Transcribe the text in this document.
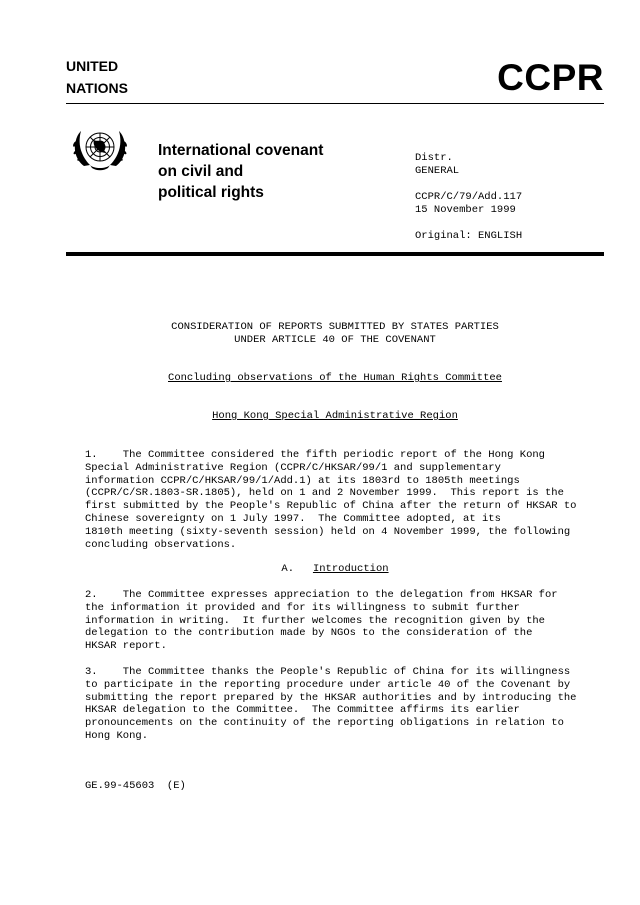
UNITED
NATIONS	CCPR
International covenant
on civil and
political rights
Distr.
GENERAL
CCPR/C/79/Add.117
15 November 1999
Original: ENGLISH
CONSIDERATION OF REPORTS SUBMITTED BY STATES PARTIES
UNDER ARTICLE 40 OF THE COVENANT
Concluding observations of the Human Rights Committee
Hong Kong Special Administrative Region
1.    The Committee considered the fifth periodic report of the Hong Kong
Special Administrative Region (CCPR/C/HKSAR/99/1 and supplementary
information CCPR/C/HKSAR/99/1/Add.1) at its 1803rd to 1805th meetings
(CCPR/C/SR.1803-SR.1805), held on 1 and 2 November 1999.  This report is the
first submitted by the People's Republic of China after the return of HKSAR to
Chinese sovereignty on 1 July 1997.  The Committee adopted, at its
1810th meeting (sixty-seventh session) held on 4 November 1999, the following
concluding observations.
A. Introduction
2.    The Committee expresses appreciation to the delegation from HKSAR for
the information it provided and for its willingness to submit further
information in writing.  It further welcomes the recognition given by the
delegation to the contribution made by NGOs to the consideration of the
HKSAR report.
3.    The Committee thanks the People's Republic of China for its willingness
to participate in the reporting procedure under article 40 of the Covenant by
submitting the report prepared by the HKSAR authorities and by introducing the
HKSAR delegation to the Committee.  The Committee affirms its earlier
pronouncements on the continuity of the reporting obligations in relation to
Hong Kong.
GE.99-45603  (E)
